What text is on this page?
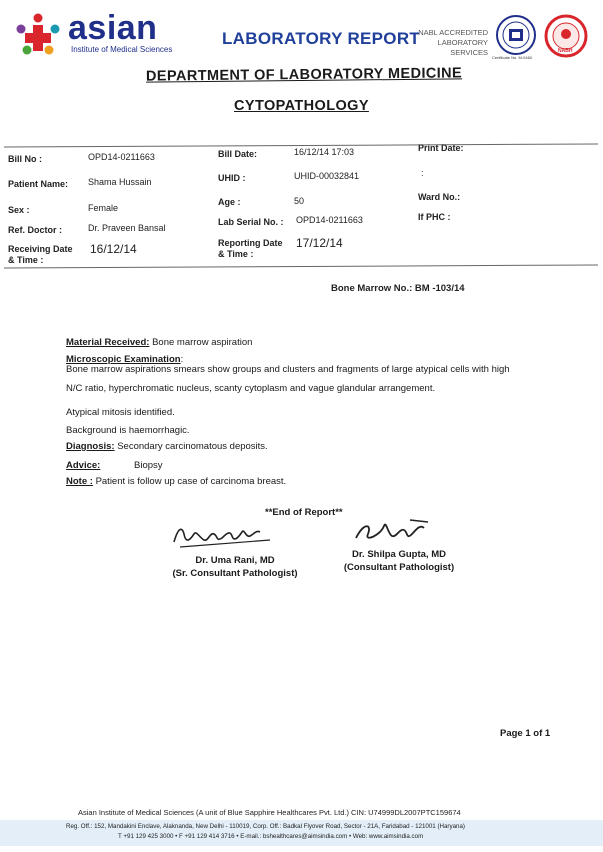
asian
Institute of Medical Sciences
LABORATORY REPORT
NABL ACCREDITED
LABORATORY SERVICES
Certificate No. M-0460
NABH
DEPARTMENT OF LABORATORY MEDICINE
CYTOPATHOLOGY
Bill No :	OPD14-0211663	Bill Date:	16/12/14 17:03	Print Date:
Patient Name: Shama Hussain	UHID :	UHID-00032841	:
Sex :	Female
Age :	50	Ward No.:
Ref. Doctor :	Dr. Praveen Bansal
Lab Serial No. : OPD14-0211663	If PHC :
Receiving Date
& Time :
16/12/14	Reporting Date
& Time :
17/12/14
Bone Marrow No.: BM -103/14
Material Received: Bone marrow aspiration
Microscopic Examination:
Bone marrow aspirations smears show groups and clusters and fragments of large atypical cells with high
N/C ratio, hyperchromatic nucleus, scanty cytoplasm and vague glandular arrangement.
Atypical mitosis identified.
Background is haemorrhagic.
Diagnosis: Secondary carcinomatous deposits.
Advice:	Biopsy
Note : Patient is follow up case of carcinoma breast.
**End of Report**
Dr. Uma Rani, MD
(Sr. Consultant Pathologist)
Dr. Shilpa Gupta, MD
(Consultant Pathologist)
Page 1 of 1
Asian Institute of Medical Sciences (A unit of Blue Sapphire Healthcares Pvt. Ltd.) CIN: U74999DL2007PTC159674
Reg. Off.: 152, Mandakini Enclave, Alaknanda, New Delhi - 110019, Corp. Off.: Badkal Flyover Road, Sector - 21A, Faridabad - 121001 (Haryana)
T +91 129 425 3000 • F +91 129 414 3716 • E-mail.: bshealthcares@aimsindia.com • Web: www.aimsindia.com
